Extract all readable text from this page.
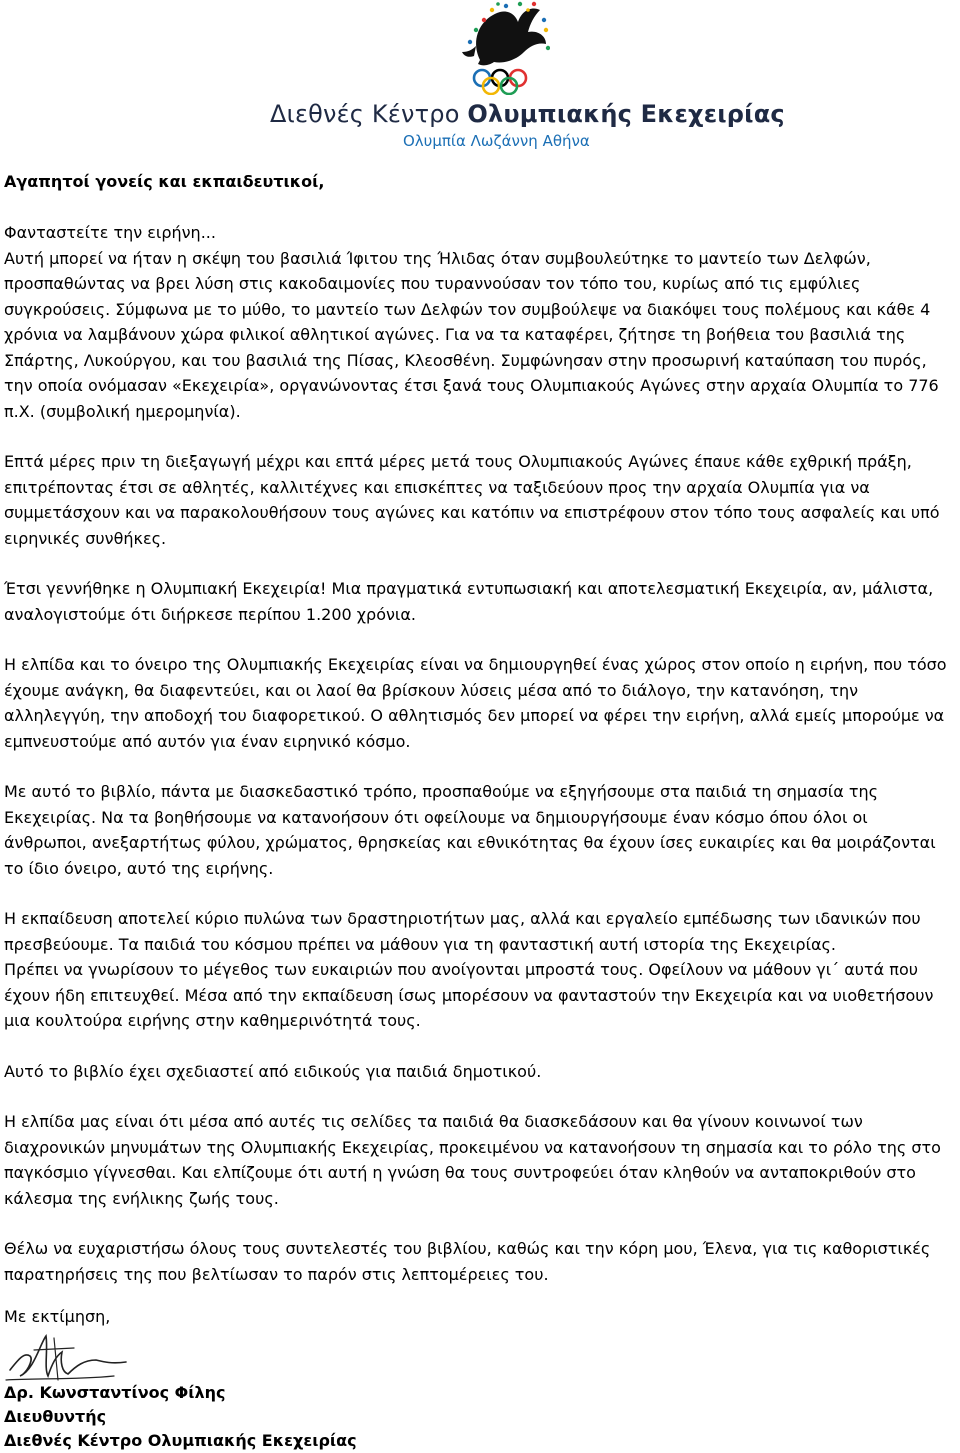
Διεθνές Κέντρο Ολυμπιακής Εκεχειρίας
Ολυμπία Λωζάννη Αθήνα
Αγαπητοί γονείς και εκπαιδευτικοί,

Φανταστείτε την ειρήνη...
Αυτή μπορεί να ήταν η σκέψη του βασιλιά Ίφιτου της Ήλιδας όταν συμβουλεύτηκε το μαντείο των Δελφών, προσπαθώντας να βρει λύση στις κακοδαιμονίες που τυραννούσαν τον τόπο του, κυρίως από τις εμφύλιες συγκρούσεις. Σύμφωνα με το μύθο, το μαντείο των Δελφών τον συμβούλεψε να διακόψει τους πολέμους και κάθε 4 χρόνια να λαμβάνουν χώρα φιλικοί αθλητικοί αγώνες. Για να τα καταφέρει, ζήτησε τη βοήθεια του βασιλιά της Σπάρτης, Λυκούργου, και του βασιλιά της Πίσας, Κλεοσθένη. Συμφώνησαν στην προσωρινή καταύπαση του πυρός, την οποία ονόμασαν «Εκεχειρία», οργανώνοντας έτσι ξανά τους Ολυμπιακούς Αγώνες στην αρχαία Ολυμπία το 776 π.Χ. (συμβολική ημερομηνία).

Επτά μέρες πριν τη διεξαγωγή μέχρι και επτά μέρες μετά τους Ολυμπιακούς Αγώνες έπαυε κάθε εχθρική πράξη, επιτρέποντας έτσι σε αθλητές, καλλιτέχνες και επισκέπτες να ταξιδεύουν προς την αρχαία Ολυμπία για να συμμετάσχουν και να παρακολουθήσουν τους αγώνες και κατόπιν να επιστρέφουν στον τόπο τους ασφαλείς και υπό ειρηνικές συνθήκες.

Έτσι γεννήθηκε η Ολυμπιακή Εκεχειρία! Μια πραγματικά εντυπωσιακή και αποτελεσματική Εκεχειρία, αν, μάλιστα, αναλογιστούμε ότι διήρκεσε περίπου 1.200 χρόνια.

Η ελπίδα και το όνειρο της Ολυμπιακής Εκεχειρίας είναι να δημιουργηθεί ένας χώρος στον οποίο η ειρήνη, που τόσο έχουμε ανάγκη, θα διαφεντεύει, και οι λαοί θα βρίσκουν λύσεις μέσα από το διάλογο, την κατανόηση, την αλληλεγγύη, την αποδοχή του διαφορετικού. Ο αθλητισμός δεν μπορεί να φέρει την ειρήνη, αλλά εμείς μπορούμε να εμπνευστούμε από αυτόν για έναν ειρηνικό κόσμο.

Με αυτό το βιβλίο, πάντα με διασκεδαστικό τρόπο, προσπαθούμε να εξηγήσουμε στα παιδιά τη σημασία της Εκεχειρίας. Να τα βοηθήσουμε να κατανοήσουν ότι οφείλουμε να δημιουργήσουμε έναν κόσμο όπου όλοι οι άνθρωποι, ανεξαρτήτως φύλου, χρώματος, θρησκείας και εθνικότητας θα έχουν ίσες ευκαιρίες και θα μοιράζονται το ίδιο όνειρο, αυτό της ειρήνης.

Η εκπαίδευση αποτελεί κύριο πυλώνα των δραστηριοτήτων μας, αλλά και εργαλείο εμπέδωσης των ιδανικών που πρεσβεύουμε. Τα παιδιά του κόσμου πρέπει να μάθουν για τη φανταστική αυτή ιστορία της Εκεχειρίας.
Πρέπει να γνωρίσουν το μέγεθος των ευκαιριών που ανοίγονται μπροστά τους. Οφείλουν να μάθουν γι΄ αυτά που έχουν ήδη επιτευχθεί. Μέσα από την εκπαίδευση ίσως μπορέσουν να φανταστούν την Εκεχειρία και να υιοθετήσουν μια κουλτούρα ειρήνης στην καθημερινότητά τους.

Αυτό το βιβλίο έχει σχεδιαστεί από ειδικούς για παιδιά δημοτικού.

Η ελπίδα μας είναι ότι μέσα από αυτές τις σελίδες τα παιδιά θα διασκεδάσουν και θα γίνουν κοινωνοί των διαχρονικών μηνυμάτων της Ολυμπιακής Εκεχειρίας, προκειμένου να κατανοήσουν τη σημασία και το ρόλο της στο παγκόσμιο γίγνεσθαι. Και ελπίζουμε ότι αυτή η γνώση θα τους συντροφεύει όταν κληθούν να ανταποκριθούν στο κάλεσμα της ενήλικης ζωής τους.

Θέλω να ευχαριστήσω όλους τους συντελεστές του βιβλίου, καθώς και την κόρη μου, Έλενα, για τις καθοριστικές παρατηρήσεις της που βελτίωσαν το παρόν στις λεπτομέρειες του.

Με εκτίμηση,
Δρ. Κωνσταντίνος Φίλης
Διευθυντής
Διεθνές Κέντρο Ολυμπιακής Εκεχειρίας
